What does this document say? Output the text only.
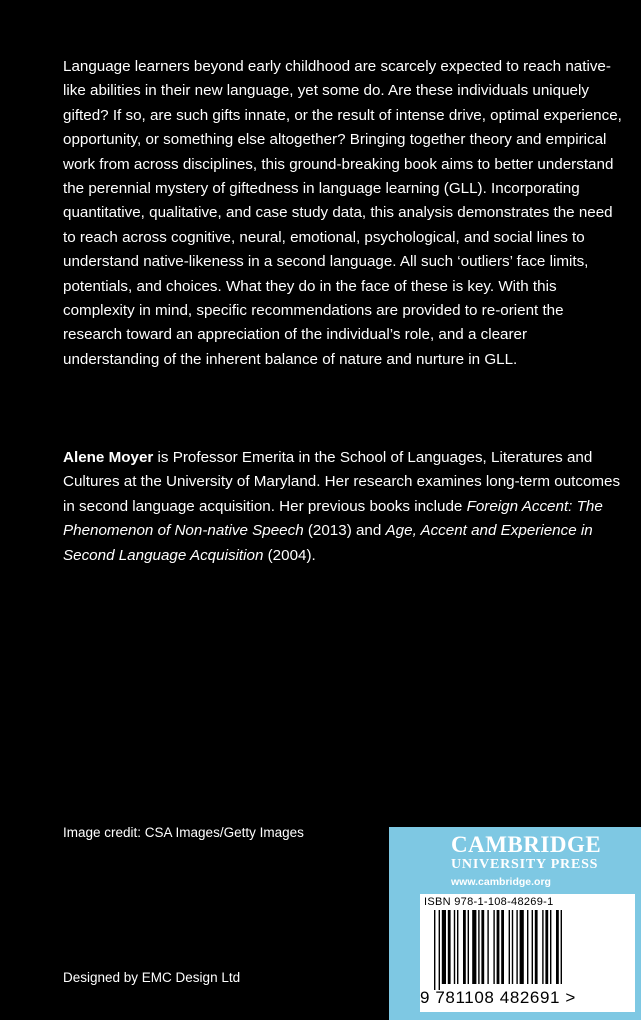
Language learners beyond early childhood are scarcely expected to reach native-like abilities in their new language, yet some do. Are these individuals uniquely gifted? If so, are such gifts innate, or the result of intense drive, optimal experience, opportunity, or something else altogether? Bringing together theory and empirical work from across disciplines, this ground-breaking book aims to better understand the perennial mystery of giftedness in language learning (GLL). Incorporating quantitative, qualitative, and case study data, this analysis demonstrates the need to reach across cognitive, neural, emotional, psychological, and social lines to understand native-likeness in a second language. All such ‘outliers’ face limits, potentials, and choices. What they do in the face of these is key. With this complexity in mind, specific recommendations are provided to re-orient the research toward an appreciation of the individual’s role, and a clearer understanding of the inherent balance of nature and nurture in GLL.

Alene Moyer is Professor Emerita in the School of Languages, Literatures and Cultures at the University of Maryland. Her research examines long-term outcomes in second language acquisition. Her previous books include Foreign Accent: The Phenomenon of Non-native Speech (2013) and Age, Accent and Experience in Second Language Acquisition (2004).

Image credit: CSA Images/Getty Images
Designed by EMC Design Ltd
CAMBRIDGE
UNIVERSITY PRESS
www.cambridge.org
ISBN 978-1-108-48269-1
9 781108 482691 >
